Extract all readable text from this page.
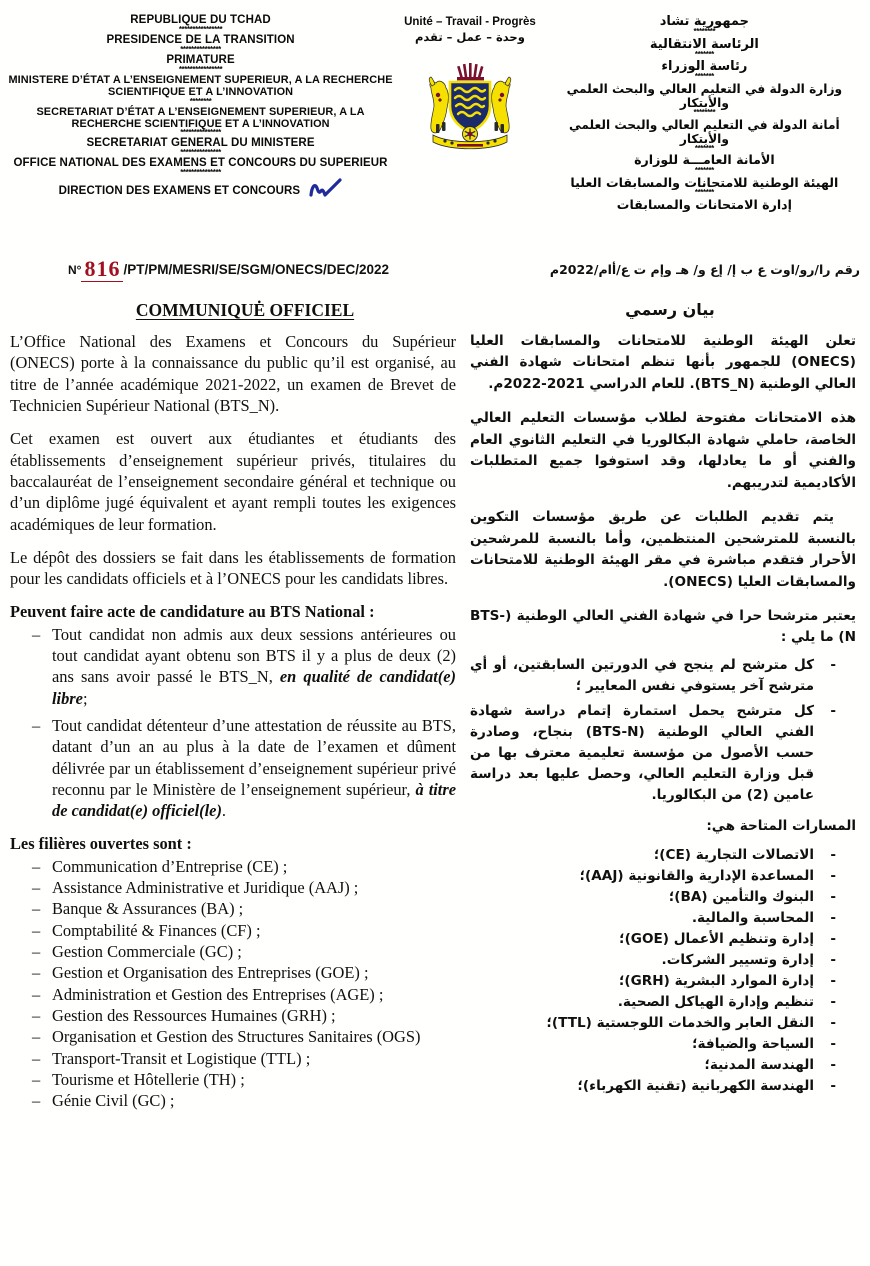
REPUBLIQUE DU TCHAD
****************
PRESIDENCE DE LA TRANSITION
***************
PRIMATURE
****************
MINISTERE D’ÉTAT A L’ENSEIGNEMENT SUPERIEUR, A LA RECHERCHE SCIENTIFIQUE ET A L’INNOVATION
********
SECRETARIAT D’ÉTAT A L’ENSEIGNEMENT SUPERIEUR, A LA RECHERCHE SCIENTIFIQUE ET A L’INNOVATION
***************
SECRETARIAT GENERAL DU MINISTERE
***************
OFFICE NATIONAL DES EXAMENS ET CONCOURS DU SUPERIEUR
***************
DIRECTION DES EXAMENS ET CONCOURS
Unité – Travail - Progrès
وحدة – عمل – تقدم
جمهورية تشاد
********
الرئاسة الانتقالية
*******
رئاسة الوزراء
*******
وزارة الدولة في التعليم العالي والبحث العلمي والأبتكار
********
أمانة الدولة في التعليم العالي والبحث العلمي والأبتكار
*******
الأمانة العامـــة للوزارة
*******
الهيئة الوطنية للامتحانات والمسابقات العليا
*******
إدارة الامتحانات والمسابقات
N° 816 /PT/PM/MESRI/SE/SGM/ONECS/DEC/2022	رقم را/رو/اوت ع ب إ/ إع و/ هـ وإم ت ع/أام/2022م
COMMUNIQUĖ OFFICIEL	بيان رسمي

L’Office National des Examens et Concours du Supérieur (ONECS) porte à la connaissance du public qu’il est organisé, au titre de l’année académique 2021-2022, un examen de Brevet de Technicien Supérieur National (BTS_N).

Cet examen est ouvert aux étudiantes et étudiants des établissements d’enseignement supérieur privés, titulaires du baccalauréat de l’enseignement secondaire général et technique ou d’un diplôme jugé équivalent et ayant rempli toutes les exigences académiques de leur formation.

Le dépôt des dossiers se fait dans les établissements de formation pour les candidats officiels et à l’ONECS pour les candidats libres.

Peuvent faire acte de candidature au BTS National :
– Tout candidat non admis aux deux sessions antérieures ou tout candidat ayant obtenu son BTS il y a plus de deux (2) ans sans avoir passé le BTS_N, en qualité de candidat(e) libre;
– Tout candidat détenteur d’une attestation de réussite au BTS, datant d’un an au plus à la date de l’examen et dûment délivrée par un établissement d’enseignement supérieur privé reconnu par le Ministère de l’enseignement supérieur, à titre de candidat(e) officiel(le).
Les filières ouvertes sont :
– Communication d’Entreprise (CE) ;
– Assistance Administrative et Juridique (AAJ) ;
– Banque & Assurances (BA) ;
– Comptabilité & Finances (CF) ;
– Gestion Commerciale (GC) ;
– Gestion et Organisation des Entreprises (GOE) ;
– Administration et Gestion des Entreprises (AGE) ;
– Gestion des Ressources Humaines (GRH) ;
– Organisation et Gestion des Structures Sanitaires (OGS)
– Transport-Transit et Logistique (TTL) ;
– Tourisme et Hôtellerie (TH) ;
– Génie Civil (GC) ;

تعلن الهيئة الوطنية للامتحانات والمسابقات العليا (ONECS) للجمهور بأنها تنظم امتحانات شهادة الفني العالي الوطنية (BTS_N). للعام الدراسي 2021-2022م.

هذه الامتحانات مفتوحة لطلاب مؤسسات التعليم العالي الخاصة، حاملي شهادة البكالوريا في التعليم الثانوي العام والفني أو ما يعادلها، وقد استوفوا جميع المتطلبات الأكاديمية لتدريبهم.

يتم تقديم الطلبات عن طريق مؤسسات التكوين بالنسبة للمترشحين المنتظمين، وأما بالنسبة للمرشحين الأحرار فتقدم مباشرة في مقر الهيئة الوطنية للامتحانات والمسابقات العليا (ONECS).

يعتبر مترشحا حرا في شهادة الفني العالي الوطنية (BTS-N) ما يلي :
- كل مترشح لم ينجح في الدورتين السابقتين، أو أي مترشح آخر يستوفي نفس المعايير ؛
- كل مترشح يحمل استمارة إتمام دراسة شهادة الفني العالي الوطنية (BTS-N) بنجاح، وصادرة حسب الأصول من مؤسسة تعليمية معترف بها من قبل وزارة التعليم العالي، وحصل عليها بعد دراسة عامين (2) من البكالوريا.
المسارات المتاحة هي:
- الاتصالات التجارية (CE)؛
- المساعدة الإدارية والقانونية (AAJ)؛
- البنوك والتأمين (BA)؛
- المحاسبة والمالية.
- إدارة وتنظيم الأعمال (GOE)؛
- إدارة وتسيير الشركات.
- إدارة الموارد البشرية (GRH)؛
- تنظيم وإدارة الهياكل الصحية.
- النقل العابر والخدمات اللوجستية (TTL)؛
- السياحة والضيافة؛
- الهندسة المدنية؛
- الهندسة الكهربانية (تقنية الكهرباء)؛
